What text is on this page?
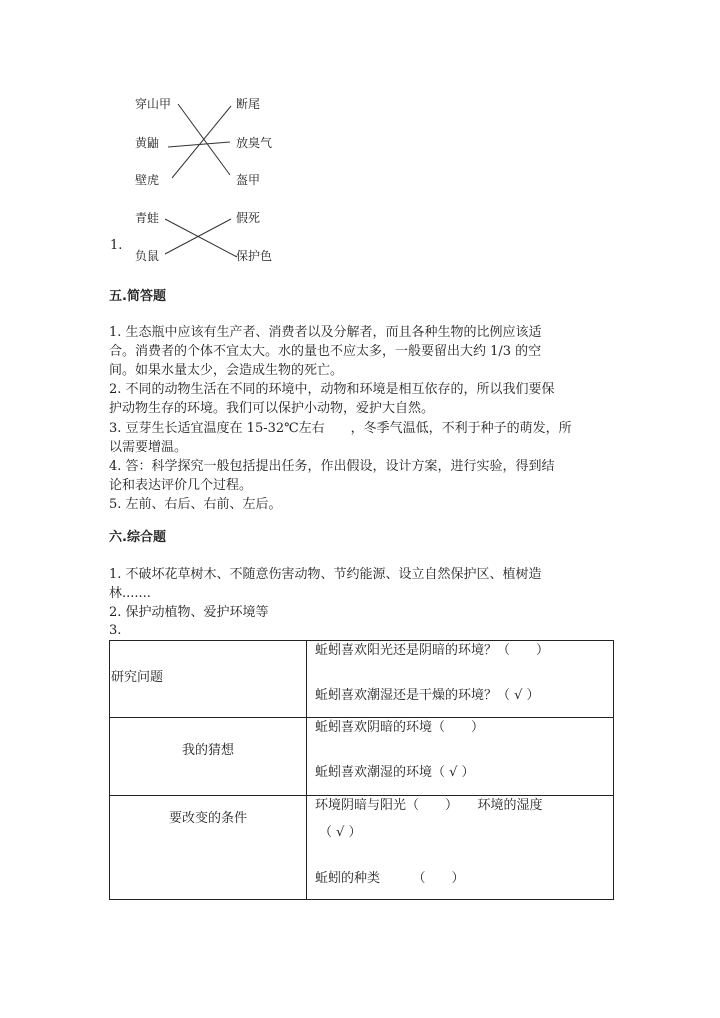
穿山甲
黄鼬
壁虎
青蛙
负鼠
断尾
放臭气
盔甲
假死
保护色
1.
五.简答题
1. 生态瓶中应该有生产者、消费者以及分解者，而且各种生物的比例应该适
合。消费者的个体不宜太大。水的量也不应太多，一般要留出大约 1/3 的空
间。如果水量太少，会造成生物的死亡。
2. 不同的动物生活在不同的环境中，动物和环境是相互依存的，所以我们要保
护动物生存的环境。我们可以保护小动物，爱护大自然。
3. 豆芽生长适宜温度在 15-32℃左右　　，冬季气温低，不利于种子的萌发，所
以需要增温。
4. 答：科学探究一般包括提出任务，作出假设，设计方案，进行实验，得到结
论和表达评价几个过程。
5. 左前、右后、右前、左后。
六.综合题
1. 不破坏花草树木、不随意伤害动物、节约能源、设立自然保护区、植树造
林.......
2. 保护动植物、爱护环境等
3.
研究问题	蚯蚓喜欢阳光还是阴暗的环境？（　　）
蚯蚓喜欢潮湿还是干燥的环境？（ √ ）

我的猜想	蚯蚓喜欢阴暗的环境（　　）
蚯蚓喜欢潮湿的环境（ √ ）

要改变的条件	环境阴暗与阳光（　　）　　环境的湿度
（ √ ）
蚯蚓的种类　　　（　　）
